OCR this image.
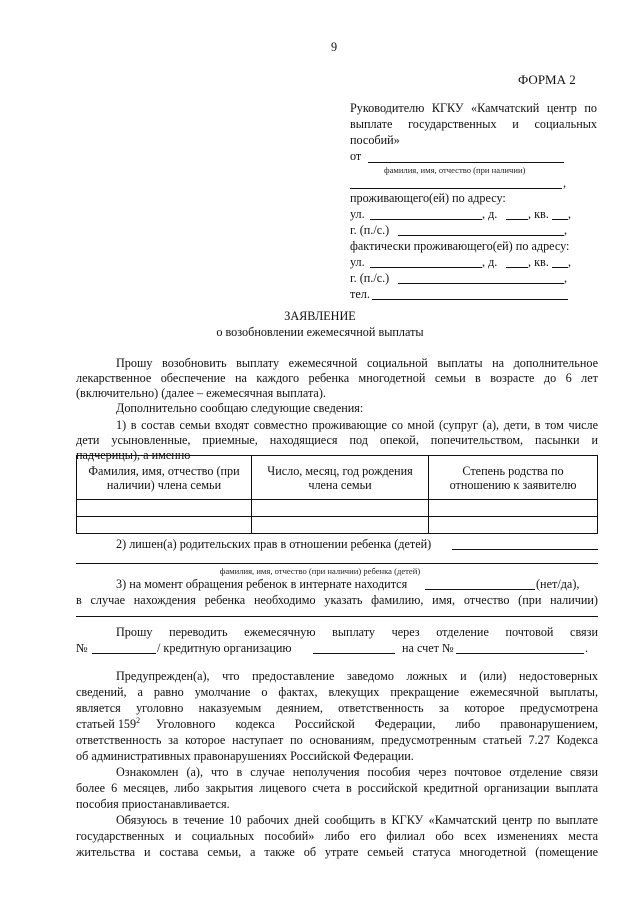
9
ФОРМА 2
Руководителю КГКУ «Камчатский центр по
выплате государственных и социальных
пособий»
от
фамилия, имя, отчество (при наличии)
,
проживающего(ей) по адресу:
ул.	, д.	, кв. ,
г. (п./с.)	,
фактически проживающего(ей) по адресу:
ул.	, д.	, кв. ,
г. (п./с.)	,
тел.
ЗАЯВЛЕНИЕ
о возобновлении ежемесячной выплаты
Прошу возобновить выплату ежемесячной социальной выплаты на дополнительное
лекарственное обеспечение на каждого ребенка многодетной семьи в возрасте до 6 лет
(включительно) (далее – ежемесячная выплата).
Дополнительно сообщаю следующие сведения:
1) в состав семьи входят совместно проживающие со мной (супруг (а), дети, в том числе
дети усыновленные, приемные, находящиеся под опекой, попечительством, пасынки и
падчерицы), а именно
Фамилия, имя, отчество (при наличии) члена семьи	Число, месяц, год рождения члена семьи	Степень родства по отношению к заявителю

2) лишен(а) родительских прав в отношении ребенка (детей)
фамилия, имя, отчество (при наличии) ребенка (детей)
3) на момент обращения ребенок в интернате находится	(нет/да),
в случае нахождения ребенка необходимо указать фамилию, имя, отчество (при наличии)
Прошу переводить ежемесячную выплату через отделение почтовой связи
№	/ кредитную организацию	на счет №	.
Предупрежден(а), что предоставление заведомо ложных и (или) недостоверных
сведений, а равно умолчание о фактах, влекущих прекращение ежемесячной выплаты,
является уголовно наказуемым деянием, ответственность за которое предусмотрена
статьей $159^2$ Уголовного кодекса Российской Федерации, либо правонарушением,
ответственность за которое наступает по основаниям, предусмотренным статьей 7.27 Кодекса
об административных правонарушениях Российской Федерации.
Ознакомлен (а), что в случае неполучения пособия через почтовое отделение связи
более 6 месяцев, либо закрытия лицевого счета в российской кредитной организации выплата
пособия приостанавливается.
Обязуюсь в течение 10 рабочих дней сообщить в КГКУ «Камчатский центр по выплате
государственных и социальных пособий» либо его филиал обо всех изменениях места
жительства и состава семьи, а также об утрате семьей статуса многодетной (помещение
